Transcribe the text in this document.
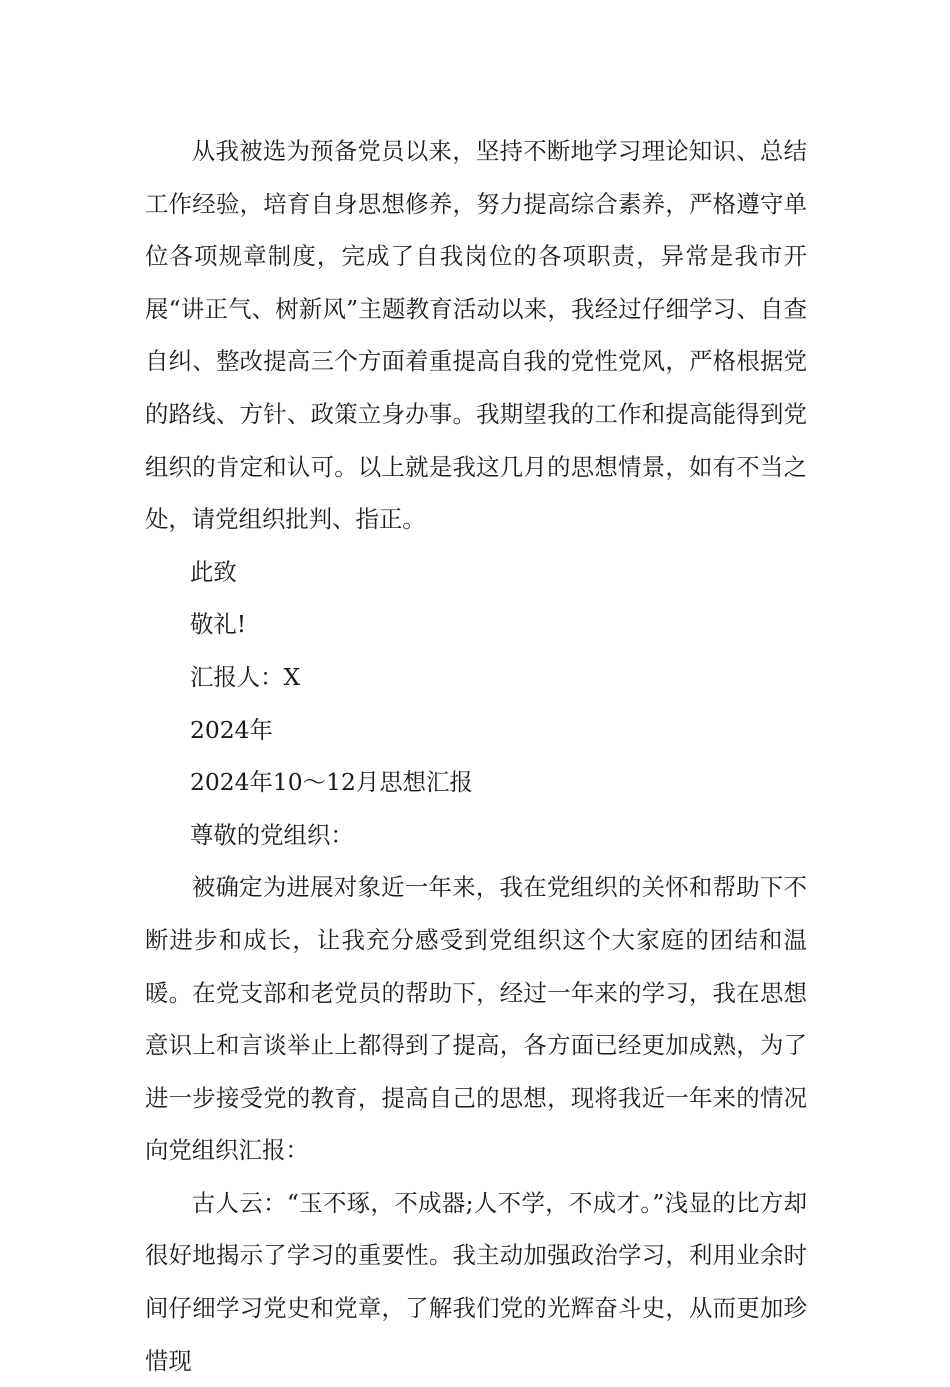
从我被选为预备党员以来，坚持不断地学习理论知识、总结工作经验，培育自身思想修养，努力提高综合素养，严格遵守单位各项规章制度，完成了自我岗位的各项职责，异常是我市开展“讲正气、树新风”主题教育活动以来，我经过仔细学习、自查自纠、整改提高三个方面着重提高自我的党性党风，严格根据党的路线、方针、政策立身办事。我期望我的工作和提高能得到党组织的肯定和认可。以上就是我这几月的思想情景，如有不当之处，请党组织批判、指正。

此致

敬礼!

汇报人：X

2024年

2024年10～12月思想汇报

尊敬的党组织：

被确定为进展对象近一年来，我在党组织的关怀和帮助下不断进步和成长，让我充分感受到党组织这个大家庭的团结和温暖。在党支部和老党员的帮助下，经过一年来的学习，我在思想意识上和言谈举止上都得到了提高，各方面已经更加成熟，为了进一步接受党的教育，提高自己的思想，现将我近一年来的情况向党组织汇报：

古人云：“玉不琢，不成器;人不学，不成才。”浅显的比方却很好地揭示了学习的重要性。我主动加强政治学习，利用业余时间仔细学习党史和党章，了解我们党的光辉奋斗史，从而更加珍惜现
